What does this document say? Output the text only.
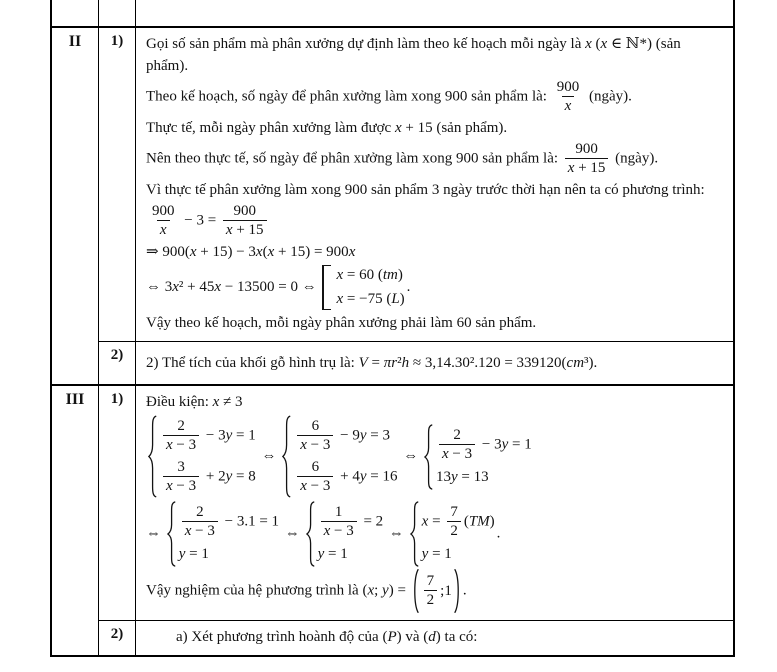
II	1)	Gọi số sản phẩm mà phân xưởng dự định làm theo kế hoạch mỗi ngày là x (x ∈ ℕ*) (sản phẩm).
Theo kế hoạch, số ngày để phân xưởng làm xong 900 sản phẩm là: $\frac{900}{x}$ (ngày).
Thực tế, mỗi ngày phân xưởng làm được x + 15 (sản phẩm).
Nên theo thực tế, số ngày để phân xưởng làm xong 900 sản phẩm là: $\frac{900}{x + 15}$ (ngày).
Vì thực tế phân xưởng làm xong 900 sản phẩm 3 ngày trước thời hạn nên ta có phương trình:
$\frac{900}{x} - 3 = \frac{900}{x + 15}$
⇒ 900(x + 15) − 3x(x + 15) = 900x
⇔ 3x² + 45x − 13500 = 0 ⇔
x = 60 (tm)
x = −75 (L)
.
Vậy theo kế hoạch, mỗi ngày phân xưởng phải làm 60 sản phẩm.
2)	2) Thể tích của khối gỗ hình trụ là: V = πr²h ≈ 3,14.30².120 = 339120(cm³).
III	1)	Điều kiện: x ≠ 3
$\frac{2}{x - 3} - 3y = 1$
$\frac{3}{x - 3} + 2y = 8$
⇔
$\frac{6}{x - 3} - 9y = 3$
$\frac{6}{x - 3} + 4y = 16$
⇔ $\frac{2}{x - 3} - 3y = 1$
13y = 13
⇔ $\frac{2}{x - 3} - 3.1 = 1$
y = 1
⇔ $\frac{1}{x - 3} = 2$
y = 1
⇔
$x = \frac{7}{2} (TM)$
y = 1
.
Vậy nghiệm của hệ phương trình là (x; $y) = \frac{7}{2}$ ;1 .
2)	a) Xét phương trình hoành độ của (P) và (d) ta có:
